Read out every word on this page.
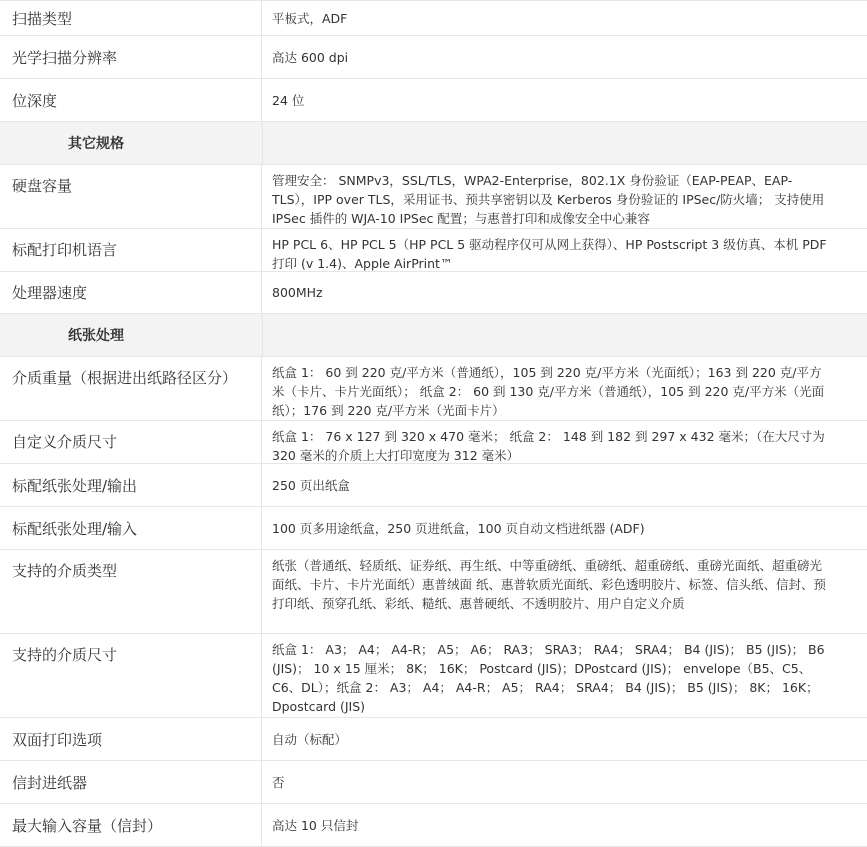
扫描类型	平板式，ADF
光学扫描分辨率	高达 600 dpi
位深度	24 位
其它规格
硬盘容量	管理安全： SNMPv3，SSL/TLS，WPA2-Enterprise，802.1X 身份验证（EAP-PEAP、EAP-TLS），IPP over TLS，采用证书、预共享密钥以及 Kerberos 身份验证的 IPSec/防火墙； 支持使用 IPSec 插件的 WJA-10 IPSec 配置；与惠普打印和成像安全中心兼容
标配打印机语言	HP PCL 6、HP PCL 5（HP PCL 5 驱动程序仅可从网上获得）、HP Postscript 3 级仿真、本机 PDF 打印 (v 1.4)、Apple AirPrint™
处理器速度	800MHz
纸张处理
介质重量（根据进出纸路径区分）	纸盒 1： 60 到 220 克/平方米（普通纸），105 到 220 克/平方米（光面纸）；163 到 220 克/平方米（卡片、卡片光面纸）； 纸盒 2： 60 到 130 克/平方米（普通纸），105 到 220 克/平方米（光面纸）；176 到 220 克/平方米（光面卡片）
自定义介质尺寸	纸盒 1： 76 x 127 到 320 x 470 毫米； 纸盒 2： 148 到 182 到 297 x 432 毫米；（在大尺寸为 320 毫米的介质上大打印宽度为 312 毫米）
标配纸张处理/输出	250 页出纸盒
标配纸张处理/输入	100 页多用途纸盒，250 页进纸盒，100 页自动文档进纸器 (ADF)
支持的介质类型	纸张（普通纸、轻质纸、证券纸、再生纸、中等重磅纸、重磅纸、超重磅纸、重磅光面纸、超重磅光面纸、卡片、卡片光面纸）惠普绒面 纸、惠普软质光面纸、彩色透明胶片、标签、信头纸、信封、预打印纸、预穿孔纸、彩纸、糙纸、惠普硬纸、不透明胶片、用户自定义介质
支持的介质尺寸	纸盒 1： A3； A4； A4-R； A5； A6； RA3； SRA3； RA4； SRA4； B4 (JIS)； B5 (JIS)； B6 (JIS)； 10 x 15 厘米； 8K； 16K； Postcard (JIS)；DPostcard (JIS)； envelope（B5、C5、C6、DL）；纸盒 2： A3； A4； A4-R； A5； RA4； SRA4； B4 (JIS)； B5 (JIS)； 8K； 16K； Dpostcard (JIS)
双面打印选项	自动（标配）
信封进纸器	否
最大输入容量（信封）	高达 10 只信封
